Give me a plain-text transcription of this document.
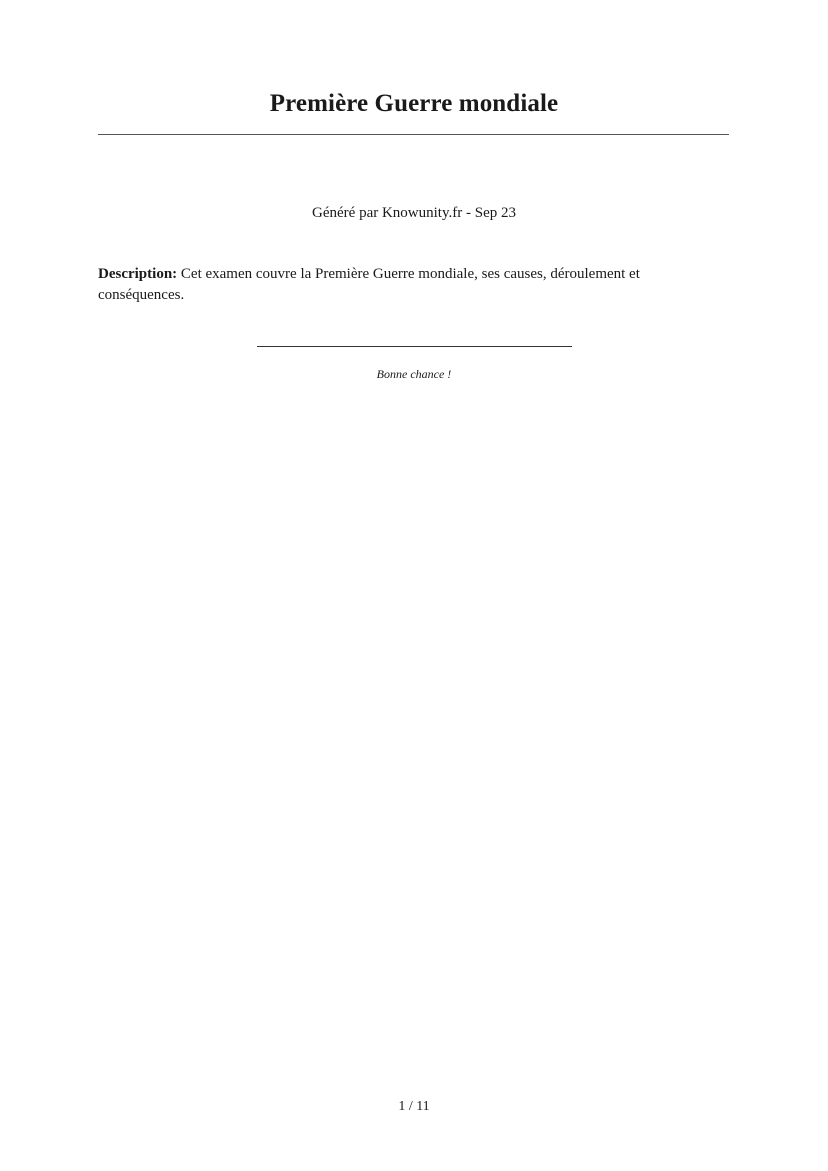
Première Guerre mondiale
Généré par Knowunity.fr - Sep 23

Description: Cet examen couvre la Première Guerre mondiale, ses causes, déroulement et conséquences.

Bonne chance !
1 / 11
